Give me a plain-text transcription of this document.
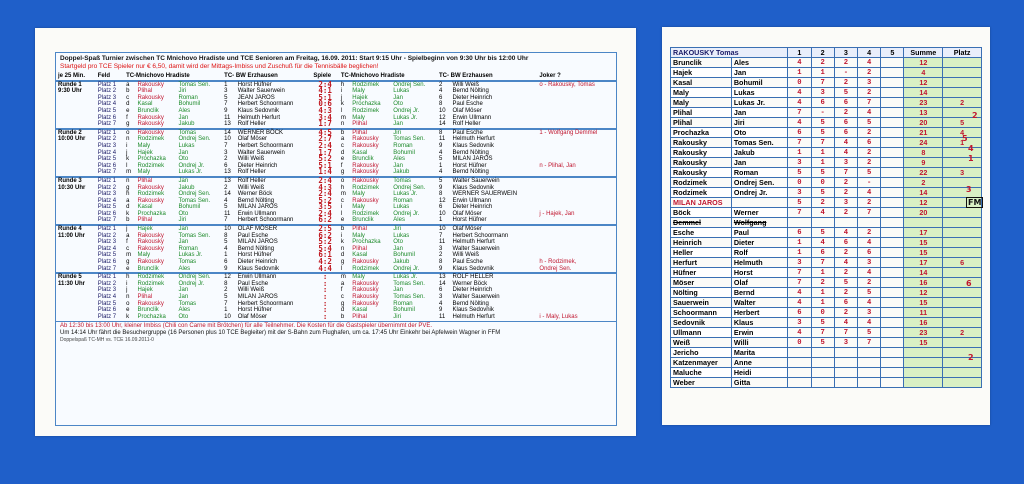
Doppel-Spaß Turnier zwischen TC Mnichovo Hradiste und TCE Senioren am Freitag, 16.09. 2011: Start 9:15 Uhr - Spielbeginn von 9:30 Uhr bis 12:00 Uhr
Startgeld pro TCE Spieler nur € 6,50, damit wird der Mittags-Imbiss und Zuschuß für die Tennisbälle beglichen!
je 25 Min.	Feld	TC-Mnichovo Hradiste			TC- BW Erzhausen		Spiele	TC-Mnichovo Hradiste			TC- BW Erzhausen		Joker ?
Runde 1	Platz 1	a	Rakousky	Tomas Sen.	1	Horst Hüfner	2:4	h	Rodzimek	Ondrej Sen.	2	Willi Weiß	o - Rakousky, Tomas
9:30 Uhr	Platz 2	b	Plihal	Jiri	3	Walter Sauerwein	4:1	i	Maly	Lukas	4	Bernd Nölting	
	Platz 3	c	Rakousky	Roman	5	JEAN JAROS	5:1	j	Hajek	Jan	6	Dieter Heinrich	
	Platz 4	d	Kasal	Bohumil	7	Herbert Schoormann	0:6	k	Prochazka	Oto	8	Paul Esche	
	Platz 5	e	Brunclik	Ales	9	Klaus Sedovnik	4:3	l	Rodzimek	Ondrej Jr.	10	Olaf Möser	
	Platz 6	f	Rakousky	Jan	11	Helmuth Herfurt	3:4	m	Maly	Lukas Jr.	12	Erwin Ullmann	
	Platz 7	g	Rakousky	Jakub	13	Rolf Heller	1:7	n	Plihal	Jan	14	Rolf Heller	
Runde 2	Platz 1	o	Rakousky	Tomas	14	WERNER BÖCK	4:5	b	Plihal	Jiri	8	Paul Esche	1 - Wolfgang Demmel
10:00 Uhr	Platz 2	n	Rodzimek	Ondrej Sen.	10	Olaf Möser	2:7	a	Rakousky	Tomas Sen.	11	Helmuth Herfurt	
	Platz 3	i	Maly	Lukas	7	Herbert Schoormann	2:4	c	Rakousky	Roman	9	Klaus Sedovnik	
	Platz 4	j	Hajek	Jan	3	Walter Sauerwein	1:7	d	Kasal	Bohumil	4	Bernd Nölting	
	Platz 5	k	Prochazka	Oto	2	Willi Weiß	5:2	e	Brunclik	Ales	5	MILAN JAROS	
	Platz 6	l	Rodzimek	Ondrej Jr.	6	Dieter Heinrich	5:1	f	Rakousky	Jan	1	Horst Hüfner	n - Plihal, Jan
	Platz 7	m	Maly	Lukas Jr.	13	Rolf Heller	1:4	g	Rakousky	Jakub	4	Bernd Nölting	
Runde 3	Platz 1	n	Plihal	Jan	13	Rolf Heller	2:4	o	Rakousky	Tomas	5	Walter Sauerwein	
10:30 Uhr	Platz 2	g	Rakousky	Jakub	2	Willi Weiß	4:3	h	Rodzimek	Ondrej Sen.	9	Klaus Sedovnik	
	Platz 3	h	Rodzimek	Ondrej Sen.	14	Werner Böck	2:4	m	Maly	Lukas Jr.	8	WERNER SAUERWEIN	
	Platz 4	a	Rakousky	Tomas Sen.	4	Bernd Nölting	5:2	c	Rakousky	Roman	12	Erwin Ullmann	
	Platz 5	d	Kasal	Bohumil	5	MILAN JAROS	3:5	i	Maly	Lukas	6	Dieter Heinrich	
	Platz 6	k	Prochazka	Oto	11	Erwin Ullmann	2:4	l	Rodzimek	Ondrej Jr.	10	Olaf Möser	j - Hajek, Jan
	Platz 7	b	Plihal	Jiri	7	Herbert Schoormann	6:2	e	Brunclik	Ales	1	Horst Hüfner	
Runde 4	Platz 1	j	Hajek	Jan	10	OLAF MÖSER	2:5	b	Plihal	Jiri	10	Olaf Möser	
11:00 Uhr	Platz 2	a	Rakousky	Tomas Sen.	8	Paul Esche	6:2	i	Maly	Lukas	7	Herbert Schoormann	
	Platz 3	f	Rakousky	Jan	5	MILAN JAROS	5:2	k	Prochazka	Oto	11	Helmuth Herfurt	
	Platz 4	c	Rakousky	Roman	4	Bernd Nölting	5:4	n	Plihal	Jan	3	Walter Sauerwein	
	Platz 5	m	Maly	Lukas Jr.	1	Horst Hüfner	6:1	d	Kasal	Bohumil	2	Willi Weiß	
	Platz 6	g	Rakousky	Tomas	6	Dieter Heinrich	4:2	g	Rakousky	Jakub	8	Paul Esche	h - Rodzimek,
	Platz 7	e	Brunclik	Ales	9	Klaus Sedovnik	4:4	l	Rodzimek	Ondrej Jr.	9	Klaus Sedovnik	Ondrej Sen.
Runde 5	Platz 1	h	Rodzimek	Ondrej Sen.	12	Erwin Ullmann	:	m	Maly	Lukas Jr.	13	ROLF HELLER	
11:30 Uhr	Platz 2	i	Rodzimek	Ondrej Jr.	8	Paul Esche	:	a	Rakousky	Tomas Sen.	14	Werner Böck	
	Platz 3	j	Hajek	Jan	2	Willi Weiß	:	f	Rakousky	Jan	6	Dieter Heinrich	
	Platz 4	n	Plihal	Jan	5	MILAN JAROS	:	c	Rakousky	Tomas Sen.	3	Walter Sauerwein	
	Platz 5	o	Rakousky	Tomas	7	Herbert Schoormann	:	g	Rakousky	Roman	4	Bernd Nölting	
	Platz 6	e	Brunclik	Ales	1	Horst Hüfner	:	d	Kasal	Bohumil	9	Klaus Sedovnik	
	Platz 7	k	Prochazka	Oto	10	Olaf Möser	:	b	Plihal	Jiri	11	Helmuth Herfurt	i - Maly, Lukas
Ab 12:30 bis 13:00 Uhr, kleiner Imbiss (Chili con Carne mit Brötchen) für alle Teilnehmer. Die Kosten für die Gastspieler übernimmt der PVE.
Um 14:14 Uhr fährt die Besuchergruppe (16 Personen plus 10 TCE Begleiter) mit der S-Bahn zum Flughafen, um ca. 17:45 Uhr Einkehr bei Apfelwein Wagner in FFM
Doppelspaß TC-MH vs. TCE 16.09.2011-0
RAKOUSKY Tomas		1	2	3	4	5	Summe	Platz
Brunclik	Ales	4	2	2	4		12	
Hajek	Jan	1	1	-	2		4	
Kasal	Bohumil	0	7	2	3		12	
Maly	Lukas	4	3	5	2		14	
Maly	Lukas Jr.	4	6	6	7		23	2
Plihal	Jan	7	-	2	4		13	
Plihal	Jiri	4	5	6	5		20	5
Prochazka	Oto	6	5	6	2		21	4
Rakousky	Tomas Sen.	7	7	4	6		24	1
Rakousky	Jakub	1	1	4	2		8	
Rakousky	Jan	3	1	3	2		9	
Rakousky	Roman	5	5	7	5		22	3
Rodzimek	Ondrej Sen.	0	0	2	-		2	
Rodzimek	Ondrej Jr.	3	5	2	4		14	
MILAN JAROS		5	2	3	2		12	
Böck	Werner	7	4	2	7		20	
Demmel	Wolfgang							
Esche	Paul	6	5	4	2		17	
Heinrich	Dieter	1	4	6	4		15	
Heller	Rolf	1	6	2	6		15	
Herfurt	Helmuth	3	7	4	3		17	6
Hüfner	Horst	7	1	2	4		14	
Möser	Olaf	7	2	5	2		16	
Nölting	Bernd	4	1	2	5		12	
Sauerwein	Walter	4	1	6	4		15	
Schoormann	Herbert	6	0	2	3		11	
Sedovnik	Klaus	3	5	4	4		16	
Ullmann	Erwin	4	7	7	5		23	2
Weiß	Willi	0	5	3	7		15	
Jericho	Marita							
Katzenmayer	Anne							
Maluche	Heidi							
Weber	Gitta							
2
5
4
1
3
FM
6
2
